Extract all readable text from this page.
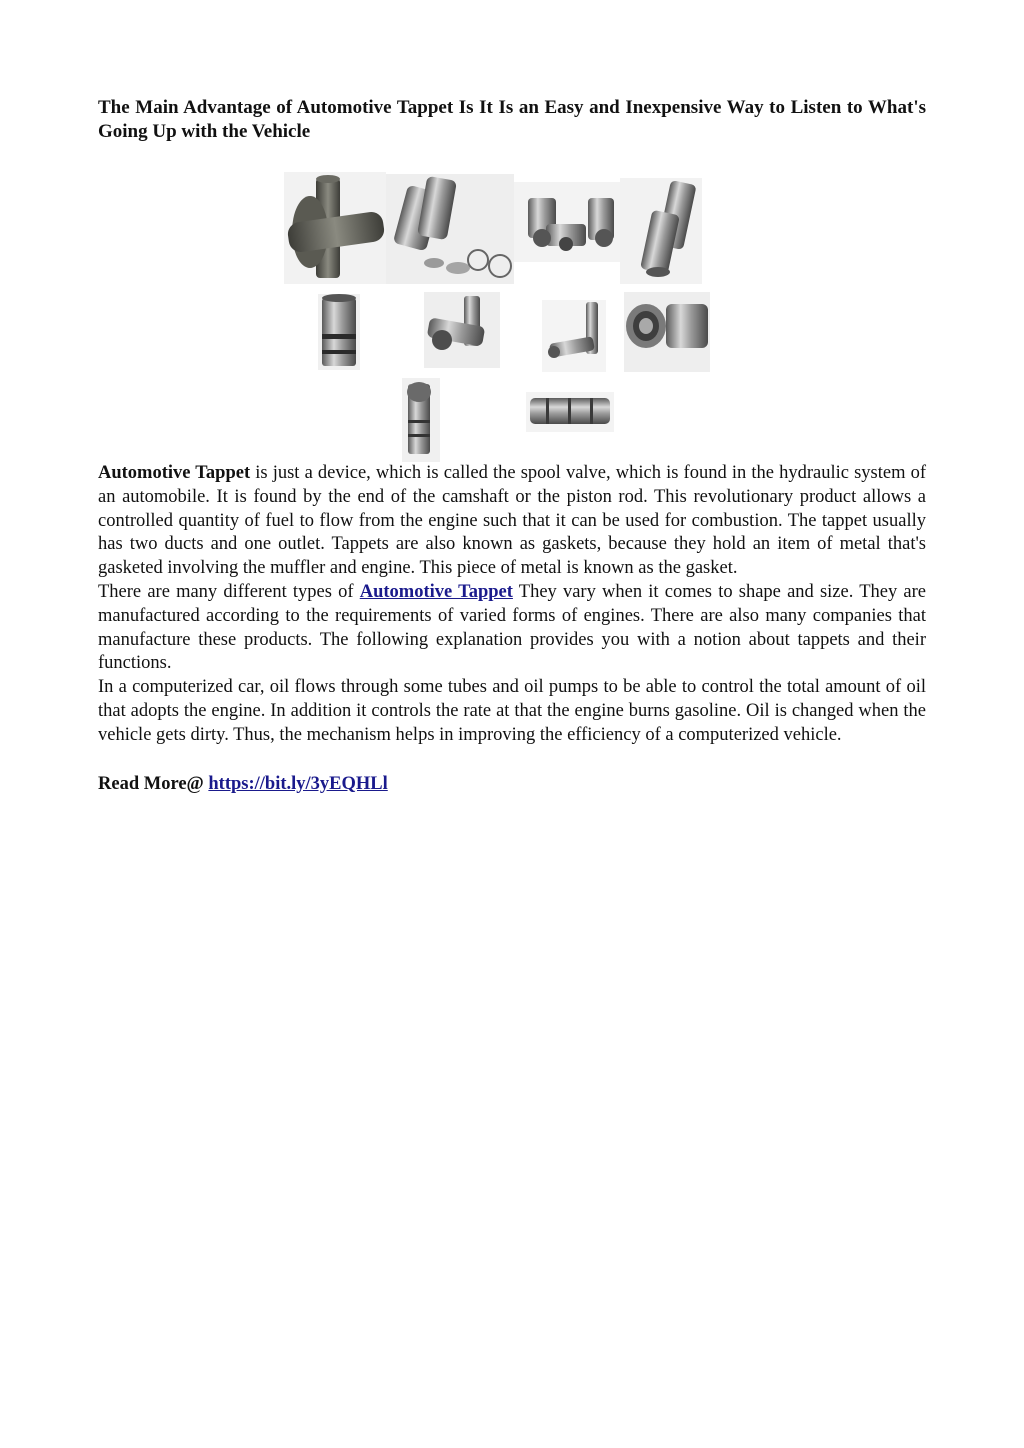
The Main Advantage of Automotive Tappet Is It Is an Easy and Inexpensive Way to Listen to What's Going Up with the Vehicle

Automotive Tappet is just a device, which is called the spool valve, which is found in the hydraulic system of an automobile. It is found by the end of the camshaft or the piston rod. This revolutionary product allows a controlled quantity of fuel to flow from the engine such that it can be used for combustion. The tappet usually has two ducts and one outlet. Tappets are also known as gaskets, because they hold an item of metal that's gasketed involving the muffler and engine. This piece of metal is known as the gasket.

There are many different types of Automotive Tappet They vary when it comes to shape and size. They are manufactured according to the requirements of varied forms of engines. There are also many companies that manufacture these products. The following explanation provides you with a notion about tappets and their functions.

In a computerized car, oil flows through some tubes and oil pumps to be able to control the total amount of oil that adopts the engine. In addition it controls the rate at that the engine burns gasoline. Oil is changed when the vehicle gets dirty. Thus, the mechanism helps in improving the efficiency of a computerized vehicle.

Read More@ https://bit.ly/3yEQHLl
